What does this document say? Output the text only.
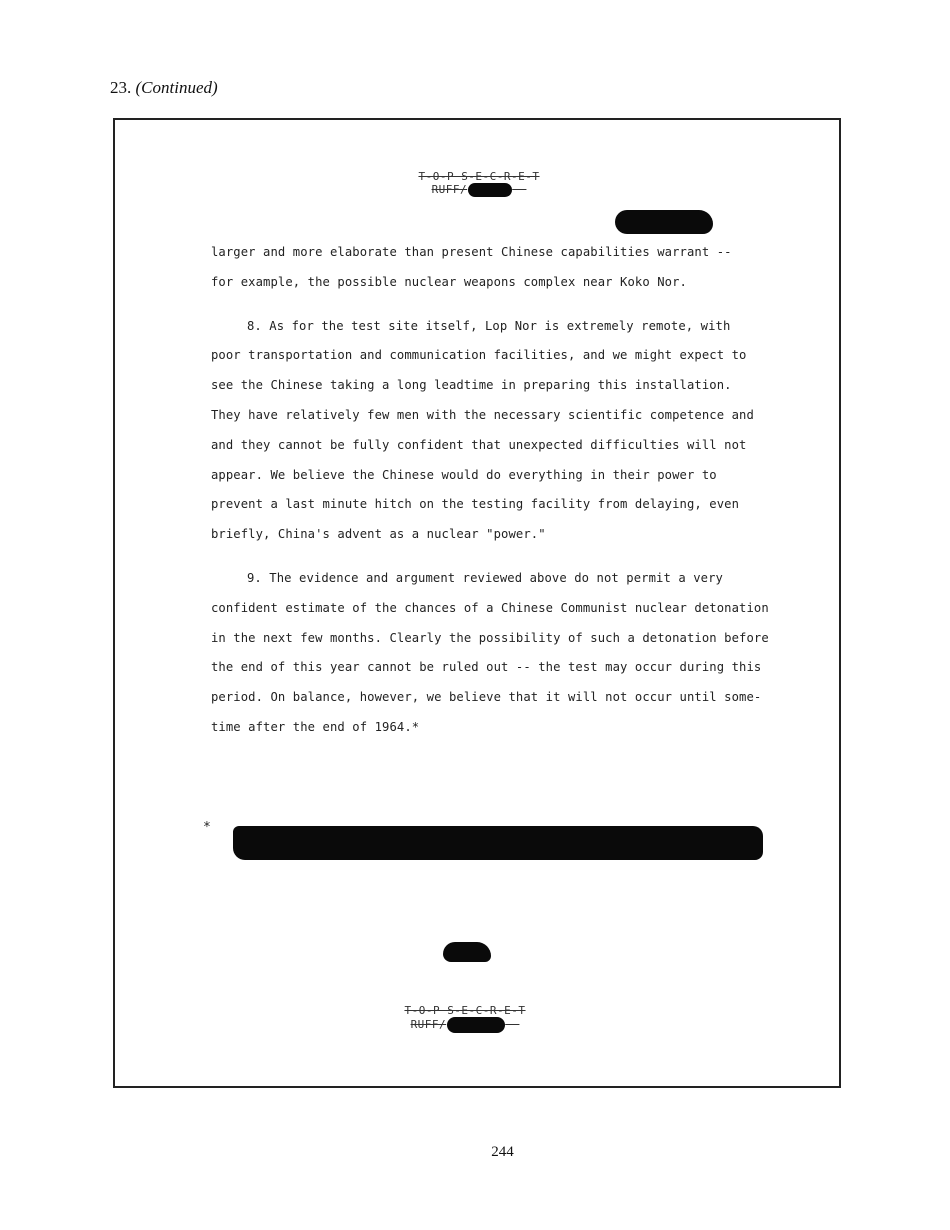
23. (Continued)
T-O-P S-E-C-R-E-T
RUFF/
larger and more elaborate than present Chinese capabilities warrant --
for example, the possible nuclear weapons complex near Koko Nor.
8. As for the test site itself, Lop Nor is extremely remote, with
poor transportation and communication facilities, and we might expect to
see the Chinese taking a long leadtime in preparing this installation.
They have relatively few men with the necessary scientific competence and
and they cannot be fully confident that unexpected difficulties will not
appear. We believe the Chinese would do everything in their power to
prevent a last minute hitch on the testing facility from delaying, even
briefly, China's advent as a nuclear "power."
9. The evidence and argument reviewed above do not permit a very
confident estimate of the chances of a Chinese Communist nuclear detonation
in the next few months. Clearly the possibility of such a detonation before
the end of this year cannot be ruled out -- the test may occur during this
period. On balance, however, we believe that it will not occur until some-
time after the end of 1964.*
*
T-O-P S-E-C-R-E-T
RUFF/
244
